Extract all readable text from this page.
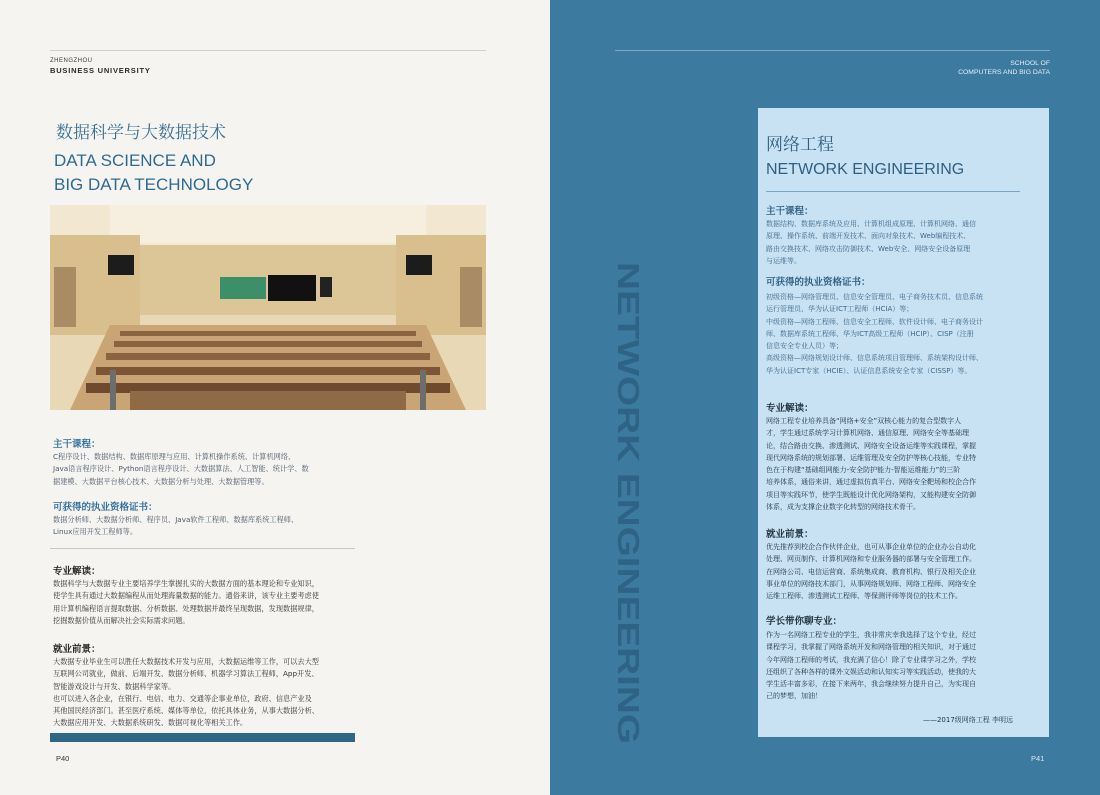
ZHENGZHOU
BUSINESS UNIVERSITY
数据科学与大数据技术
DATA SCIENCE AND
BIG DATA TECHNOLOGY
主干课程：
C程序设计、数据结构、数据库原理与应用、计算机操作系统、计算机网络、
Java语言程序设计、Python语言程序设计、大数据算法、人工智能、统计学、数
据建模、大数据平台核心技术、大数据分析与处理、大数据管理等。
可获得的执业资格证书：
数据分析师、大数据分析师、程序员、Java软件工程师、数据库系统工程师、
Linux应用开发工程师等。
专业解读：
数据科学与大数据专业主要培养学生掌握扎实的大数据方面的基本理论和专业知识，
使学生具有通过大数据编程从而处理海量数据的能力。通俗来讲，该专业主要考虑使
用计算机编程语言提取数据、分析数据、处理数据并最终呈现数据，发现数据规律，
挖掘数据价值从而解决社会实际需求问题。
就业前景：
大数据专业毕业生可以胜任大数据技术开发与应用，大数据运维等工作，可以去大型
互联网公司就业，做前、后端开发、数据分析师、机器学习算法工程师，App开发、
智能游戏设计与开发、数据科学家等。
也可以进入各企业，在银行、电信、电力、交通等企事业单位，政府、信息产业及
其他国民经济部门。甚至医疗系统、媒体等单位，依托具体业务，从事大数据分析、
大数据应用开发、大数据系统研发、数据可视化等相关工作。
P40
SCHOOL OF
COMPUTERS AND BIG DATA
NETWORK ENGINEERING
网络工程
NETWORK ENGINEERING
主干课程：
数据结构、数据库系统及应用、计算机组成原理、计算机网络、通信
原理、操作系统、前端开发技术、面向对象技术、Web编程技术、
路由交换技术、网络攻击防御技术、Web安全、网络安全设备原理
与运维等。
可获得的执业资格证书：
初级资格—网络管理员、信息安全管理员、电子商务技术员、信息系统
运行管理员、华为认证ICT工程师（HCIA）等；
中级资格—网络工程师、信息安全工程师、软件设计师、电子商务设计
师、数据库系统工程师、华为ICT高级工程师（HCIP）、CISP（注册
信息安全专业人员）等；
高级资格—网络规划设计师、信息系统项目管理师、系统架构设计师、
华为认证ICT专家（HCIE）、认证信息系统安全专家（CISSP）等。
专业解读：
网络工程专业培养具备“网络+安全”双核心能力的复合型数字人
才，学生通过系统学习计算机网络、通信原理、网络安全等基础理
论，结合路由交换、渗透测试、网络安全设备运维等实践课程，掌握
现代网络系统的规划部署、运维管理及安全防护等核心技能，专业特
色在于构建“基础组网能力-安全防护能力-智能运维能力”的三阶
培养体系，通俗来讲，通过虚拟仿真平台、网络安全靶场和校企合作
项目等实践环节，使学生既能设计优化网络架构，又能构建安全防御
体系，成为支撑企业数字化转型的网络技术骨干。
就业前景：
优先推荐到校企合作伙伴企业，也可从事企业单位的企业办公自动化
处理、网页制作、计算机网络和专业服务器的部署与安全管理工作。
在网络公司、电信运营商、系统集成商、教育机构、银行及相关企业
事业单位的网络技术部门，从事网络规划师、网络工程师、网络安全
运维工程师、渗透测试工程师、等保测评师等岗位的技术工作。
学长带你聊专业：
作为一名网络工程专业的学生，我非常庆幸我选择了这个专业，经过
课程学习，我掌握了网络系统开发和网络管理的相关知识，对于通过
今年网络工程师的考试，我充满了信心！除了专业课学习之外，学校
还组织了各种各样的课外文娱活动和认知实习等实践活动，使我的大
学生活丰富多彩，在接下来两年，我会继续努力提升自己，为实现自
己的梦想，加油！
——2017级网络工程 李明远
P41
